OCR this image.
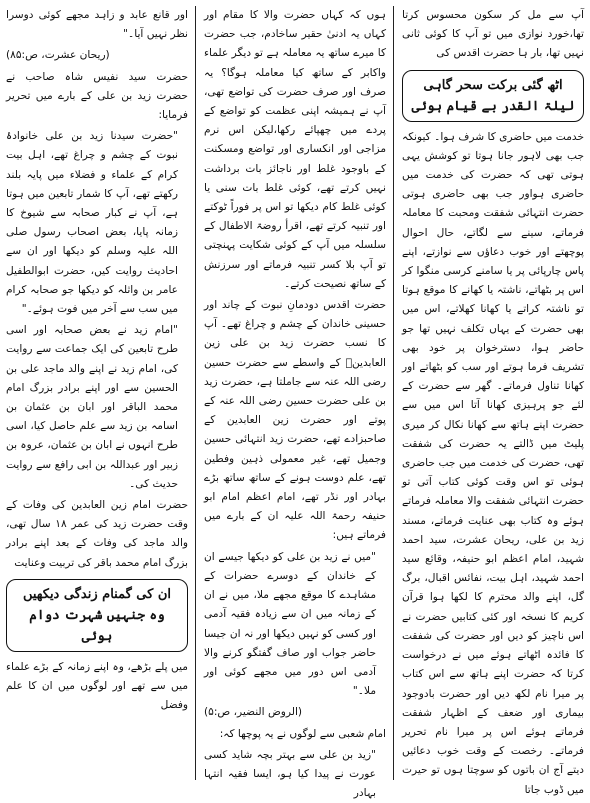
آپ سے مل کر سکون محسوس کرتا تھا،خورد نوازی میں تو آپ کا کوئی ثانی نہیں تھا، بار ہا حضرت اقدس کی

اٹھ گئی برکت سحر گاہی
لیلۃ القدر بے قیام ہوئی

خدمت میں حاضری کا شرف ہوا۔ کیونکہ جب بھی لاہور جانا ہوتا تو کوشش یہی ہوتی تھی کہ حضرت کی خدمت میں حاضری ہواور جب بھی حاضری ہوتی حضرت انتہائی شفقت ومحبت کا معاملہ فرماتے، سینے سے لگاتے، حال احوال پوچھتے اور خوب دعاؤں سے نوازتے، اپنے پاس چارپائی پر یا سامنے کرسی منگوا کر اس پر بٹھاتے، ناشتہ یا کھانے کا موقع ہوتا تو ناشتہ کراتے یا کھانا کھلاتے، اس میں بھی حضرت کے یہاں تکلف نہیں تھا جو حاضر ہوا، دسترخوان پر خود بھی تشریف فرما ہوتے اور سب کو بٹھاتے اور کھانا تناول فرماتے۔ گھر سے حضرت کے لئے جو پرہیزی کھانا آتا اس میں سے حضرت اپنے ہاتھ سے کھانا نکال کر میری پلیٹ میں ڈالتے یہ حضرت کی شفقت تھی، حضرت کی خدمت میں جب حاضری ہوئی تو اس وقت کوئی کتاب آتی تو حضرت انتہائی شفقت والا معاملہ فرماتے ہوئے وہ کتاب بھی عنایت فرماتے، مسند زید بن علی، ریحان عشرت، سید احمد شہید، امام اعظم ابو حنیفہ، وقائع سید احمد شہید، اہل بیت، نفائس اقبال، برگ گل، اپنے والد محترم کا لکھا ہوا قرآن کریم کا نسخہ اور کئی کتابیں حضرت نے اس ناچیز کو دیں اور حضرت کی شفقت کا فائدہ اٹھاتے ہوئے میں نے درخواست کرتا کہ حضرت اپنے ہاتھ سے اس کتاب پر میرا نام لکھ دیں اور حضرت بادوجود بیماری اور ضعف کے اظہار شفقت فرماتے ہوئے اس پر میرا نام تحریر فرماتے۔ رخصت کے وقت خوب دعائیں دیتے آج ان باتوں کو سوچتا ہوں تو حیرت میں ڈوب جاتا

ہوں کہ کہاں حضرت والا کا مقام اور کہاں یہ ادنیٰ حقیر ساخادم، جب حضرت کا میرے ساتھ یہ معاملہ ہے تو دیگر علماء واکابر کے ساتھ کیا معاملہ ہوگا؟ یہ صرف اور صرف حضرت کی تواضع تھی، آپ نے ہمیشہ اپنی عظمت کو تواضع کے پردے میں چھپائے رکھا،لیکن اس نرم مزاجی اور انکساری اور تواضع ومسکنت کے باوجود غلط اور ناجائز بات برداشت نہیں کرتے تھے، کوئی غلط بات سنی یا کوئی غلط کام دیکھا تو اس پر فوراً ٹوکتے اور تنبیہ کرتے تھے، اقرأ روضۃ الاطفال کے سلسلہ میں آپ کے کوئی شکایت پہنچتی تو آپ بلا کسر تنبیہ فرماتے اور سرزنش کے ساتھ نصیحت کرتے۔

حضرت اقدس دودمانِ نبوت کے چاند اور حسینی خاندان کے چشم و چراغ تھے۔ آپ کا نسب حضرت زید بن علی زین العابدینؒ کے واسطے سے حضرت حسین رضی اللہ عنہ سے جاملتا ہے، حضرت زید بن علی حضرت حسین رضی اللہ عنہ کے پوتے اور حضرت زین العابدین کے صاحبزادے تھے، حضرت زید انتہائی حسین وجمیل تھے، غیر معمولی ذہین وفطین تھے، علم دوست ہونے کے ساتھ ساتھ بڑے بہادر اور نڈر تھے، امام اعظم امام ابو حنیفہ رحمۃ اللہ علیہ ان کے بارے میں فرماتے ہیں:

"میں نے زید بن علی کو دیکھا جیسے ان کے خاندان کے دوسرے حضرات کے مشاہدے کا موقع مجھے ملا، میں نے ان کے زمانہ میں ان سے زیادہ فقیہ آدمی اور کسی کو نہیں دیکھا اور نہ ان جیسا حاضر جواب اور صاف گفتگو کرنے والا آدمی اس دور میں مجھے کوئی اور ملا۔"

(الروض النضیر، ص:۵)

امام شعبی سے لوگوں نے یہ پوچھا کہ:

"زید بن علی سے بہتر بچہ شاید کسی عورت نے پیدا کیا ہو، ایسا فقیہ انتہا بہادر

اور قانع عابد و زاہد مجھے کوئی دوسرا نظر نہیں آیا۔"

(ریحان عشرت، ص:۸۵)

حضرت سید نفیس شاہ صاحب نے حضرت زید بن علی کے بارے میں تحریر فرمایا:

"حضرت سیدنا زید بن علی خانوادۂ نبوت کے چشم و چراغ تھے، اہل بیت کرام کے علماء و فضلاء میں پایہ بلند رکھتے تھے، آپ کا شمار تابعین میں ہوتا ہے، آپ نے کبار صحابہ سے شیوخ کا زمانہ پایا، بعض اصحاب رسول صلی اللہ علیہ وسلم کو دیکھا اور ان سے احادیث روایت کیں، حضرت ابوالطفیل عامر بن واثلہ کو دیکھا جو صحابہ کرام میں سب سے آخر میں فوت ہوئے۔"

"امام زید نے بعض صحابہ اور اسی طرح تابعین کی ایک جماعت سے روایت کی، امام زید نے اپنے والد ماجد علی بن الحسین سے اور اپنے برادر بزرگ امام محمد الباقر اور ابان بن عثمان بن اسامہ بن زید سے علم حاصل کیا، اسی طرح انہوں نے ابان بن عثمان، عروہ بن زبیر اور عبداللہ بن ابی رافع سے روایت حدیث کی۔

حضرت امام زین العابدین کی وفات کے وقت حضرت زید کی عمر ۱۸ سال تھی، والد ماجد کی وفات کے بعد اپنے برادر بزرگ امام محمد باقر کی تربیت وعنایت

ان کی گمنام زندگی دیکھیں
وہ جنہیں شہرت دوام ہوئی

میں پلے بڑھے، وہ اپنے زمانہ کے بڑے علماء میں سے تھے اور لوگوں میں ان کا علم وفضل
